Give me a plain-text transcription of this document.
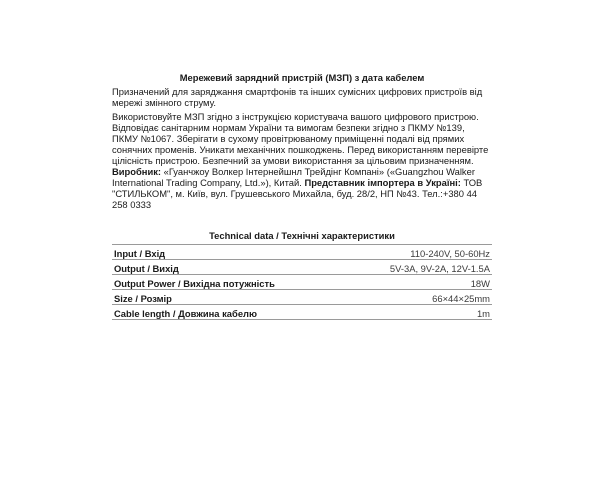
Мережевий зарядний пристрій (МЗП) з дата кабелем

Призначений для заряджання смартфонів та інших сумісних цифрових пристроїв від мережі змінного струму.

Використовуйте МЗП згідно з інструкцією користувача вашого цифрового пристрою. Відповідає санітарним нормам України та вимогам безпеки згідно з ПКМУ №139, ПКМУ №1067. Зберігати в сухому провітрюваному приміщенні подалі від прямих сонячних променів. Уникати механічних пошкоджень. Перед використанням перевірте цілісність пристрою. Безпечний за умови використання за цільовим призначенням.

Виробник: «Гуанчжоу Волкер Інтернейшнл Трейдінг Компані» («Guangzhou Walker International Trading Company, Ltd.»), Китай. Представник імпортера в Україні: ТОВ "СТИЛЬКОМ", м. Київ, вул. Грушевського Михайла, буд. 28/2, НП №43. Тел.:+380 44 258 0333

Technical data / Технічні характеристики
Input / Вхід	110-240V, 50-60Hz
Output / Вихід	5V-3A, 9V-2A, 12V-1.5A
Output Power / Вихідна потужність	18W
Size / Розмір	66×44×25mm
Cable length / Довжина кабелю	1m
